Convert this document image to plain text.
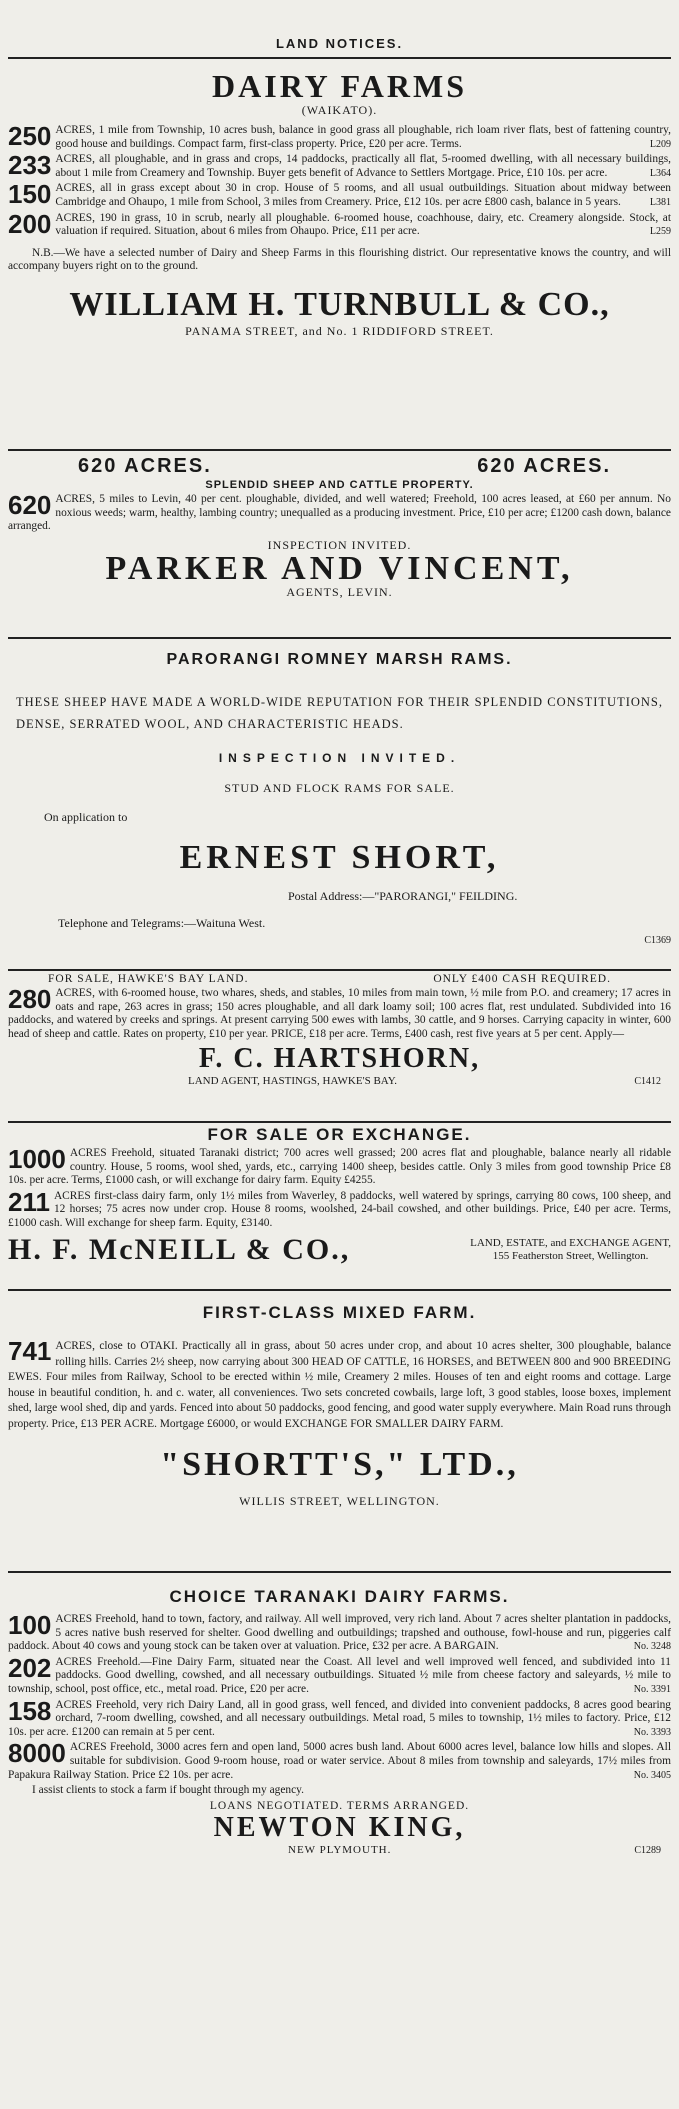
LAND NOTICES.
DAIRY FARMS
(WAIKATO).
250 ACRES, 1 mile from Township, 10 acres bush, balance in good grass all ploughable, rich loam river flats, best of fattening country, good house and buildings. Compact farm, first-class property. Price, £20 per acre. Terms.	L209
233 ACRES, all ploughable, and in grass and crops, 14 paddocks, practically all flat, 5-roomed dwelling, with all necessary buildings, about 1 mile from Creamery and Township. Buyer gets benefit of Advance to Settlers Mortgage. Price, £10 10s. per acre.	L364
150 ACRES, all in grass except about 30 in crop. House of 5 rooms, and all usual outbuildings. Situation about midway between Cambridge and Ohaupo, 1 mile from School, 3 miles from Creamery. Price, £12 10s. per acre £800 cash, balance in 5 years.	L381
200 ACRES, 190 in grass, 10 in scrub, nearly all ploughable. 6-roomed house, coachhouse, dairy, etc. Creamery alongside. Stock, at valuation if required. Situation, about 6 miles from Ohaupo. Price, £11 per acre.	L259
N.B.—We have a selected number of Dairy and Sheep Farms in this flourishing district. Our representative knows the country, and will accompany buyers right on to the ground.
WILLIAM H. TURNBULL & CO.,
PANAMA STREET, and No. 1 RIDDIFORD STREET.
620 ACRES.	620 ACRES.
SPLENDID SHEEP AND CATTLE PROPERTY.
620 ACRES, 5 miles to Levin, 40 per cent. ploughable, divided, and well watered; Freehold, 100 acres leased, at £60 per annum. No noxious weeds; warm, healthy, lambing country; unequalled as a producing investment. Price, £10 per acre; £1200 cash down, balance arranged.
INSPECTION INVITED.
PARKER AND VINCENT,
AGENTS, LEVIN.
PARORANGI ROMNEY MARSH RAMS.
THESE SHEEP HAVE MADE A WORLD-WIDE REPUTATION FOR THEIR SPLENDID CONSTITUTIONS, DENSE, SERRATED WOOL, AND CHARACTERISTIC HEADS.
INSPECTION INVITED.
STUD AND FLOCK RAMS FOR SALE.
On application to
ERNEST SHORT,
Postal Address:—"PARORANGI," FEILDING.
Telephone and Telegrams:—Waituna West.
C1369
FOR SALE, HAWKE'S BAY LAND.	ONLY £400 CASH REQUIRED.
280 ACRES, with 6-roomed house, two whares, sheds, and stables, 10 miles from main town, ½ mile from P.O. and creamery; 17 acres in oats and rape, 263 acres in grass; 150 acres ploughable, and all dark loamy soil; 100 acres flat, rest undulated. Subdivided into 16 paddocks, and watered by creeks and springs. At present carrying 500 ewes with lambs, 30 cattle, and 9 horses. Carrying capacity in winter, 600 head of sheep and cattle. Rates on property, £10 per year. PRICE, £18 per acre. Terms, £400 cash, rest five years at 5 per cent. Apply—
F. C. HARTSHORN,
LAND AGENT, HASTINGS, HAWKE'S BAY.	C1412
FOR SALE OR EXCHANGE.
1000 ACRES Freehold, situated Taranaki district; 700 acres well grassed; 200 acres flat and ploughable, balance nearly all ridable country. House, 5 rooms, wool shed, yards, etc., carrying 1400 sheep, besides cattle. Only 3 miles from good township Price £8 10s. per acre. Terms, £1000 cash, or will exchange for dairy farm. Equity £4255.
211 ACRES first-class dairy farm, only 1½ miles from Waverley, 8 paddocks, well watered by springs, carrying 80 cows, 100 sheep, and 12 horses; 75 acres now under crop. House 8 rooms, woolshed, 24-bail cowshed, and other buildings. Price, £40 per acre. Terms, £1000 cash. Will exchange for sheep farm. Equity, £3140.
H. F. McNEILL & CO.,	LAND, ESTATE, and EXCHANGE AGENT,
155 Featherston Street, Wellington.
FIRST-CLASS MIXED FARM.
741 ACRES, close to OTAKI. Practically all in grass, about 50 acres under crop, and about 10 acres shelter, 300 ploughable, balance rolling hills. Carries 2½ sheep, now carrying about 300 HEAD OF CATTLE, 16 HORSES, and BETWEEN 800 and 900 BREEDING EWES. Four miles from Railway, School to be erected within ½ mile, Creamery 2 miles. Houses of ten and eight rooms and cottage. Large house in beautiful condition, h. and c. water, all conveniences. Two sets concreted cowbails, large loft, 3 good stables, loose boxes, implement shed, large wool shed, dip and yards. Fenced into about 50 paddocks, good fencing, and good water supply everywhere. Main Road runs through property. Price, £13 PER ACRE. Mortgage £6000, or would EXCHANGE FOR SMALLER DAIRY FARM.
"SHORTT'S," LTD.,
WILLIS STREET, WELLINGTON.
CHOICE TARANAKI DAIRY FARMS.
100 ACRES Freehold, hand to town, factory, and railway. All well improved, very rich land. About 7 acres shelter plantation in paddocks, 5 acres native bush reserved for shelter. Good dwelling and outbuildings; trapshed and outhouse, fowl-house and run, piggeries calf paddock. About 40 cows and young stock can be taken over at valuation. Price, £32 per acre. A BARGAIN.	No. 3248
202 ACRES Freehold.—Fine Dairy Farm, situated near the Coast. All level and well improved well fenced, and subdivided into 11 paddocks. Good dwelling, cowshed, and all necessary outbuildings. Situated ½ mile from cheese factory and saleyards, ½ mile to township, school, post office, etc., metal road. Price, £20 per acre.	No. 3391
158 ACRES Freehold, very rich Dairy Land, all in good grass, well fenced, and divided into convenient paddocks, 8 acres good bearing orchard, 7-room dwelling, cowshed, and all necessary outbuildings. Metal road, 5 miles to township, 1½ miles to factory. Price, £12 10s. per acre. £1200 can remain at 5 per cent.	No. 3393
8000 ACRES Freehold, 3000 acres fern and open land, 5000 acres bush land. About 6000 acres level, balance low hills and slopes. All suitable for subdivision. Good 9-room house, road or water service. About 8 miles from township and saleyards, 17½ miles from Papakura Railway Station. Price £2 10s. per acre.	No. 3405
I assist clients to stock a farm if bought through my agency.
LOANS NEGOTIATED. TERMS ARRANGED.
NEWTON KING,
NEW PLYMOUTH.	C1289
